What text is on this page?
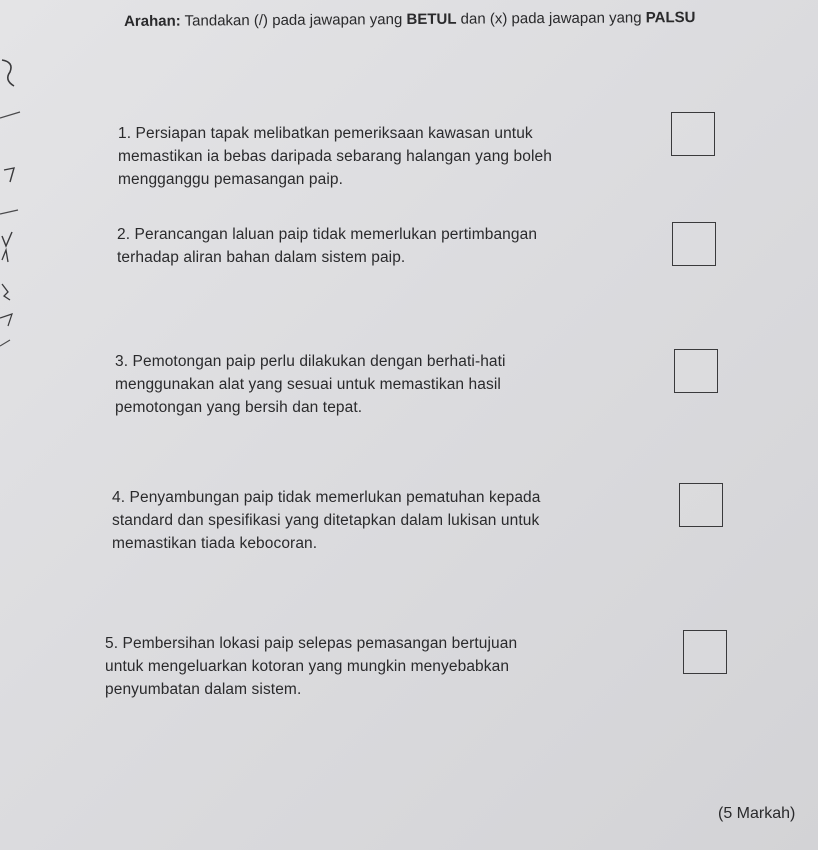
Arahan: Tandakan (/) pada jawapan yang BETUL dan (x) pada jawapan yang PALSU
1. Persiapan tapak melibatkan pemeriksaan kawasan untuk
memastikan ia bebas daripada sebarang halangan yang boleh
mengganggu pemasangan paip.
2. Perancangan laluan paip tidak memerlukan pertimbangan
terhadap aliran bahan dalam sistem paip.
3. Pemotongan paip perlu dilakukan dengan berhati-hati
menggunakan alat yang sesuai untuk memastikan hasil
pemotongan yang bersih dan tepat.
4. Penyambungan paip tidak memerlukan pematuhan kepada
standard dan spesifikasi yang ditetapkan dalam lukisan untuk
memastikan tiada kebocoran.
5. Pembersihan lokasi paip selepas pemasangan bertujuan
untuk mengeluarkan kotoran yang mungkin menyebabkan
penyumbatan dalam sistem.
(5 Markah)
